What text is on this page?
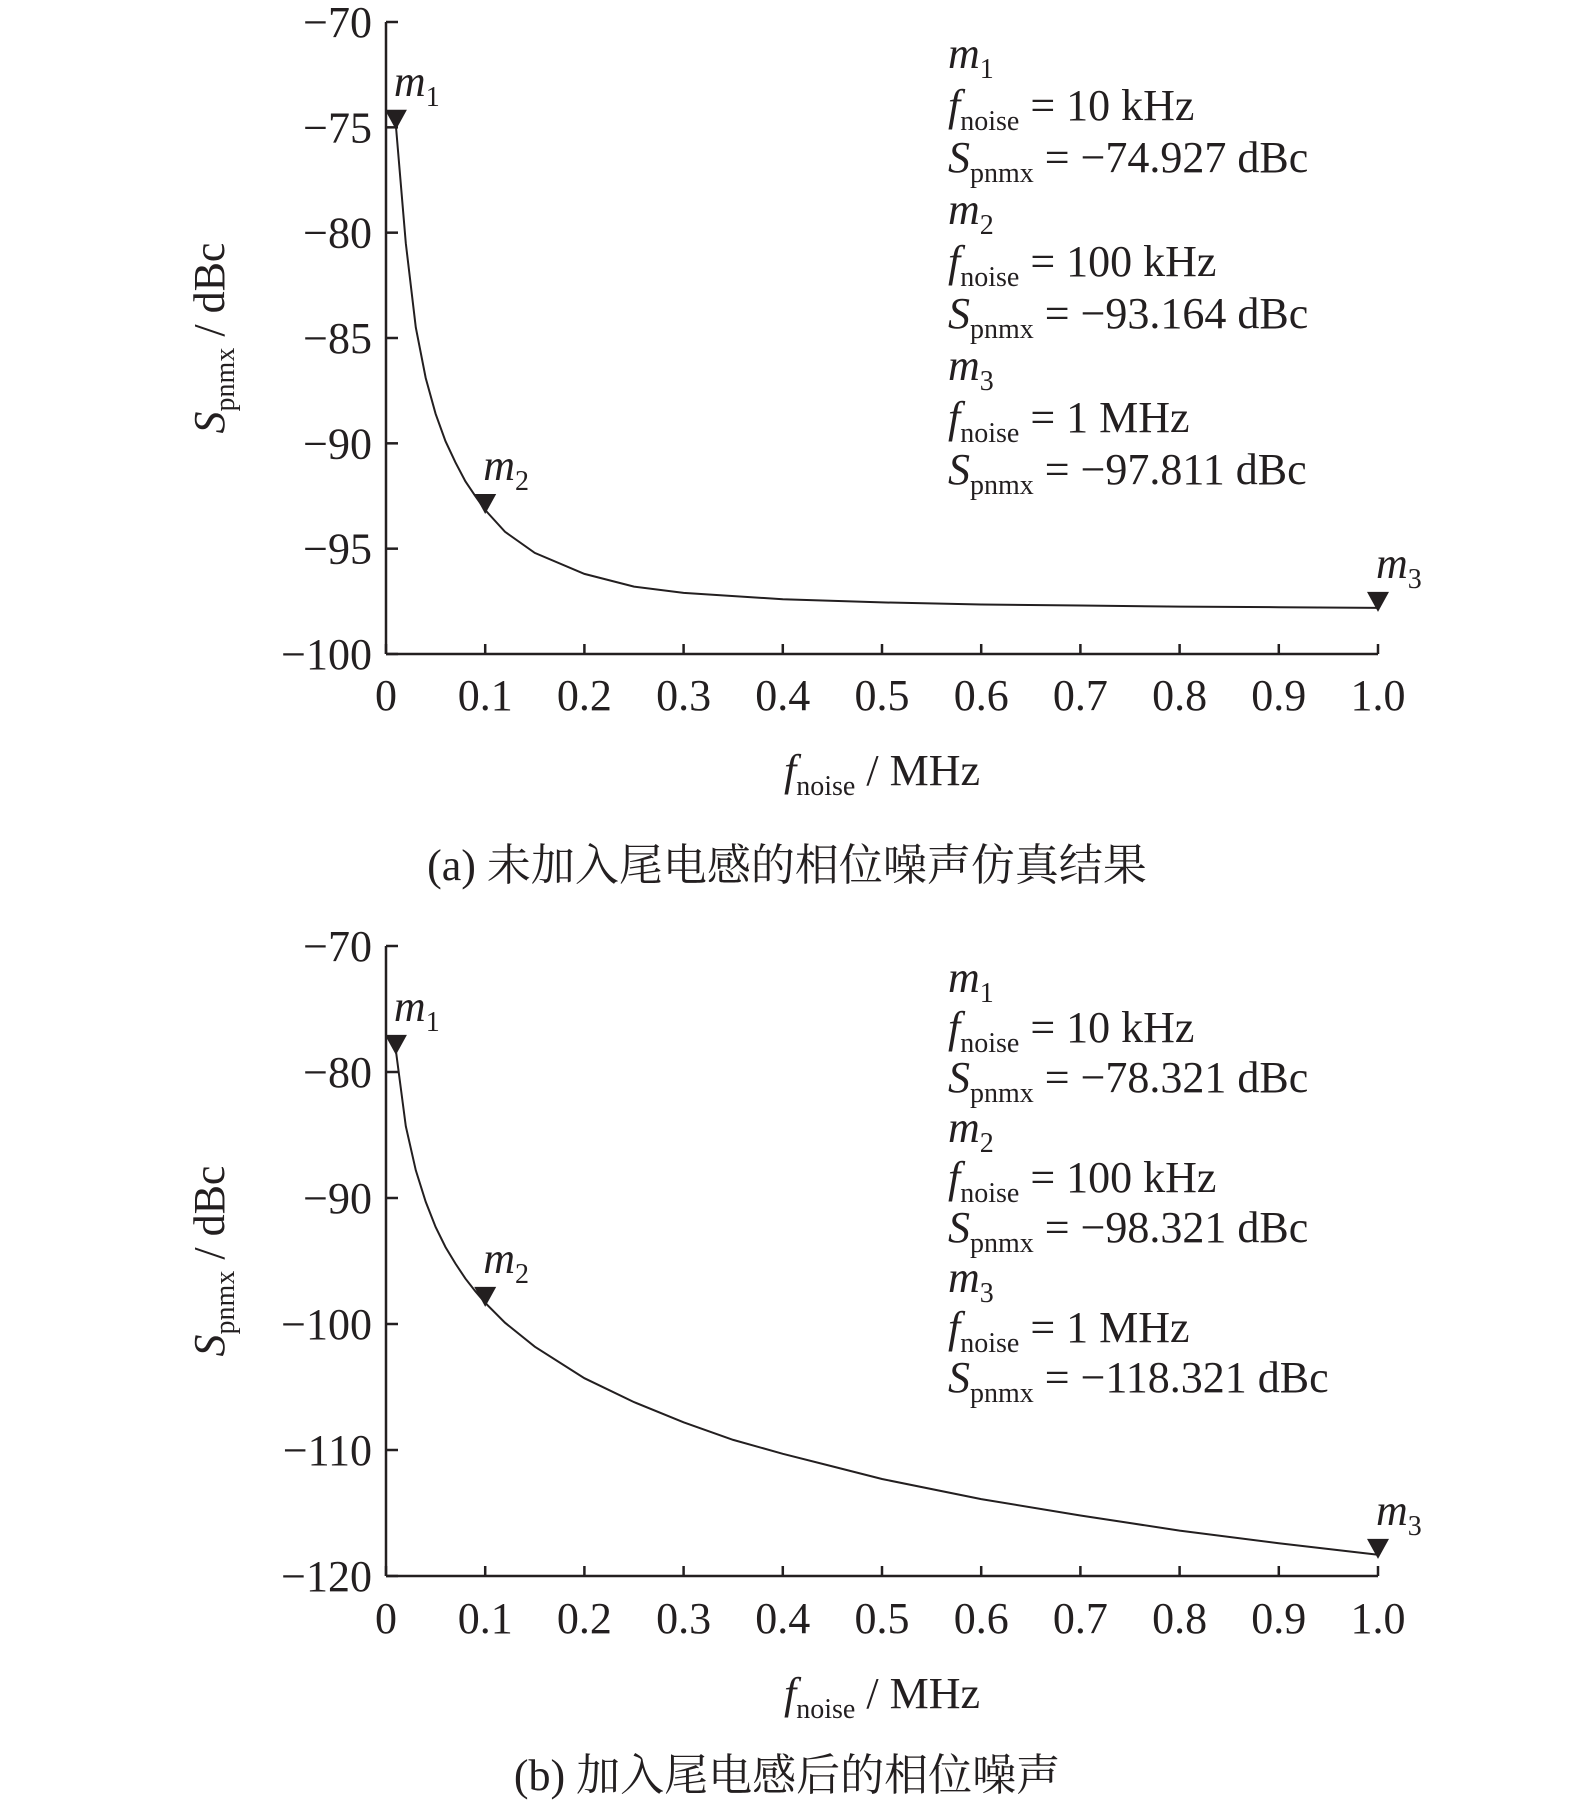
−70
−75
−80
−85
−90
−95
−100
0 0.1 0.2 0.3 0.4 0.5 0.6 0.7 0.8 0.9 1.0
$m_1$
$m_2$
$m_3$
$S_{pnmx}$ / dBc
$f_{noise}$ / MHz
$m_1$
$f_{noise} = 10$ kHz
$S_{pnmx} = -74.927$ dBc
$m_2$
$f_{noise} = 100$ kHz
$S_{pnmx} = -93.164$ dBc
$m_3$
$f_{noise} = 1$ MHz
$S_{pnmx} = -97.811$ dBc
(a) 未加入尾电感的相位噪声仿真结果
−70
−80
−90
−100
−110
−120
0 0.1 0.2 0.3 0.4 0.5 0.6 0.7 0.8 0.9 1.0
$m_1$
$m_2$
$m_3$
$S_{pnmx}$ / dBc
$f_{noise}$ / MHz
$m_1$
$f_{noise} = 10$ kHz
$S_{pnmx} = -78.321$ dBc
$m_2$
$f_{noise} = 100$ kHz
$S_{pnmx} = -98.321$ dBc
$m_3$
$f_{noise} = 1$ MHz
$S_{pnmx} = -118.321$ dBc
(b) 加入尾电感后的相位噪声
